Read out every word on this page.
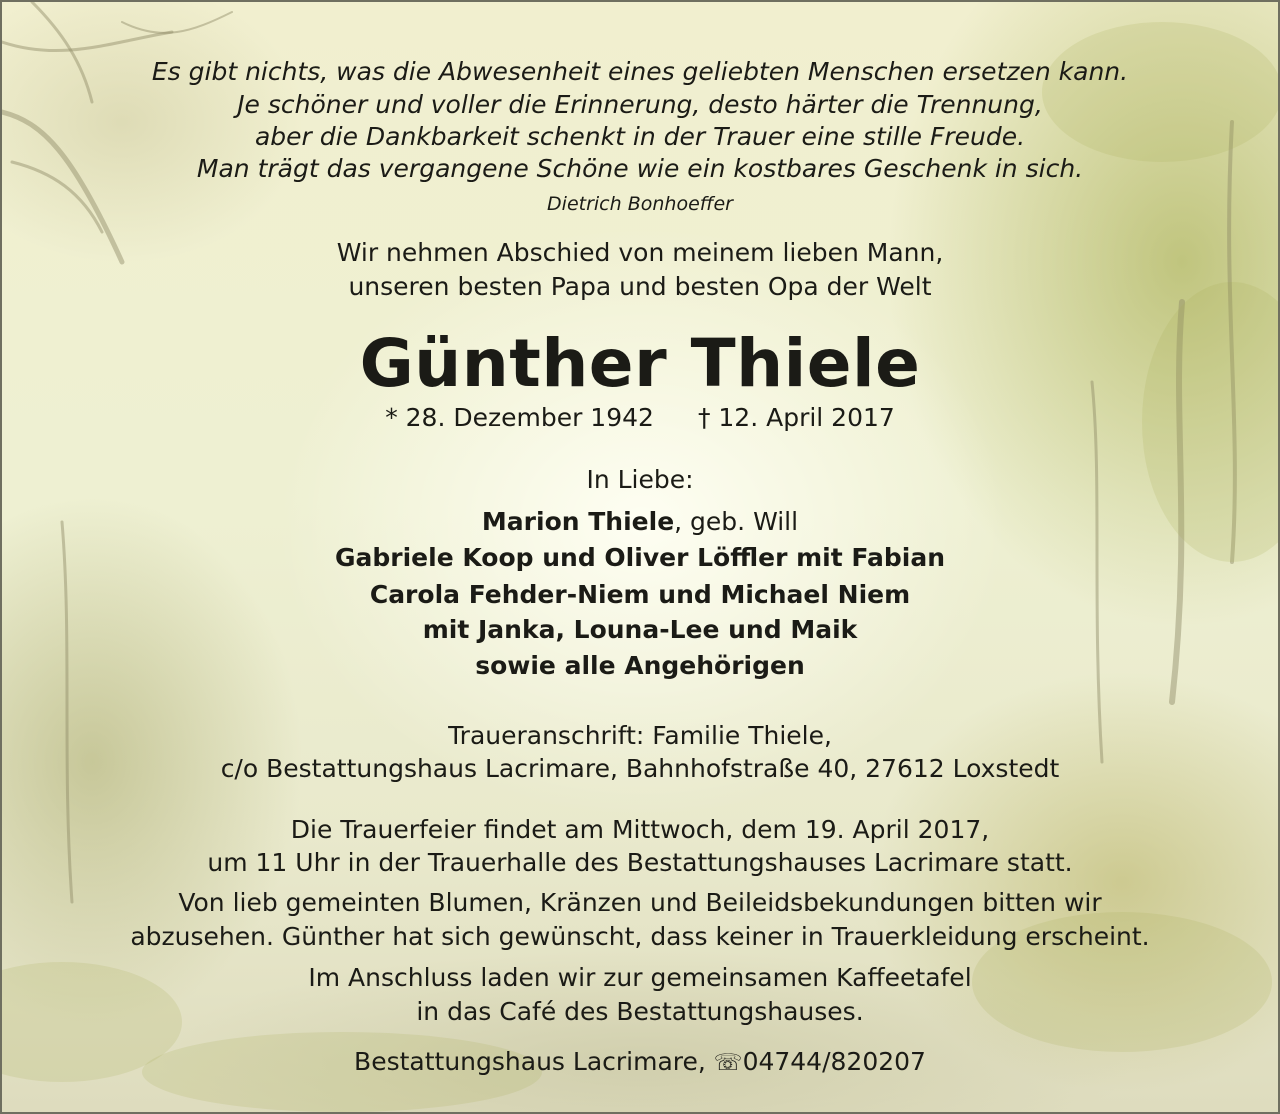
Es gibt nichts, was die Abwesenheit eines geliebten Menschen ersetzen kann.
Je schöner und voller die Erinnerung, desto härter die Trennung,
aber die Dankbarkeit schenkt in der Trauer eine stille Freude.
Man trägt das vergangene Schöne wie ein kostbares Geschenk in sich.
Dietrich Bonhoeffer
Wir nehmen Abschied von meinem lieben Mann,
unseren besten Papa und besten Opa der Welt
Günther Thiele
* 28. Dezember 1942 † 12. April 2017
In Liebe:
Marion Thiele, geb. Will
Gabriele Koop und Oliver Löffler mit Fabian
Carola Fehder-Niem und Michael Niem
mit Janka, Louna-Lee und Maik
sowie alle Angehörigen
Traueranschrift: Familie Thiele,
c/o Bestattungshaus Lacrimare, Bahnhofstraße 40, 27612 Loxstedt
Die Trauerfeier findet am Mittwoch, dem 19. April 2017,
um 11 Uhr in der Trauerhalle des Bestattungshauses Lacrimare statt.
Von lieb gemeinten Blumen, Kränzen und Beileidsbekundungen bitten wir
abzusehen. Günther hat sich gewünscht, dass keiner in Trauerkleidung erscheint.
Im Anschluss laden wir zur gemeinsamen Kaffeetafel
in das Café des Bestattungshauses.
Bestattungshaus Lacrimare, ☏04744/820207
